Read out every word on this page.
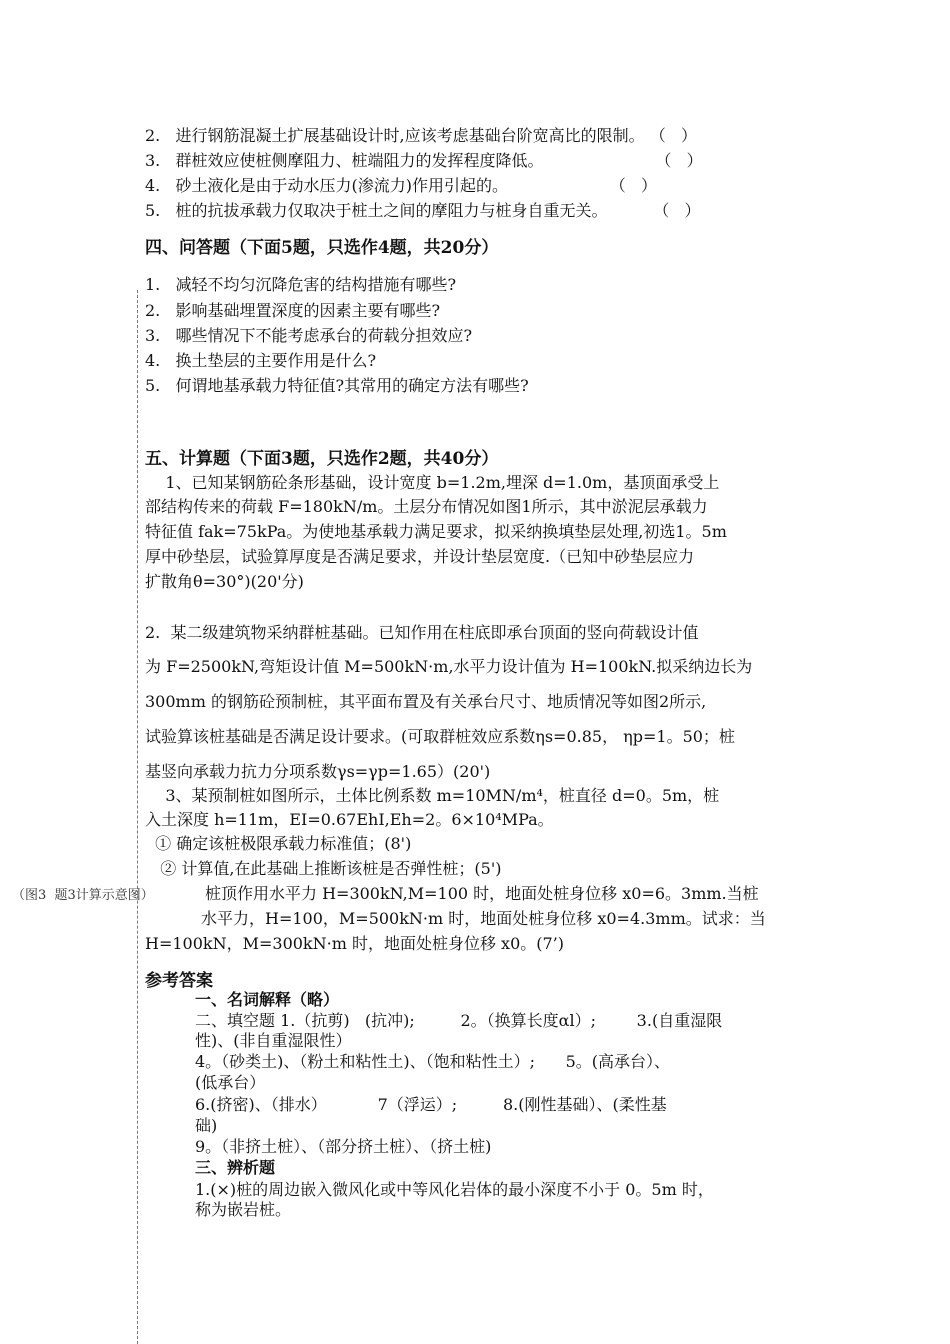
2.   进行钢筋混凝土扩展基础设计时,应该考虑基础台阶宽高比的限制。 （   ）
3.   群桩效应使桩侧摩阻力、桩端阻力的发挥程度降低。                      （   ）
4.   砂土液化是由于动水压力(渗流力)作用引起的。                    （   ）
5.   桩的抗拔承载力仅取决于桩土之间的摩阻力与桩身自重无关。         （   ）
四、问答题（下面5题，只选作4题，共20分）
1.   减轻不均匀沉降危害的结构措施有哪些?
2.   影响基础埋置深度的因素主要有哪些?
3.   哪些情况下不能考虑承台的荷载分担效应?
4.   换土垫层的主要作用是什么?
5.   何谓地基承载力特征值?其常用的确定方法有哪些?
五、计算题（下面3题，只选作2题，共40分）
1、已知某钢筋砼条形基础，设计宽度 b=1.2m,埋深 d=1.0m，基顶面承受上
部结构传来的荷载 F=180kN/m。土层分布情况如图1所示，其中淤泥层承载力
特征值 fak=75kPa。为使地基承载力满足要求，拟采纳换填垫层处理,初选1。5m
厚中砂垫层，试验算厚度是否满足要求，并设计垫层宽度.（已知中砂垫层应力
扩散角θ=30°)(20'分)
2.  某二级建筑物采纳群桩基础。已知作用在柱底即承台顶面的竖向荷载设计值
为 F=2500kN,弯矩设计值 M=500kN·m,水平力设计值为 H=100kN.拟采纳边长为
300mm 的钢筋砼预制桩，其平面布置及有关承台尺寸、地质情况等如图2所示,
试验算该桩基础是否满足设计要求。(可取群桩效应系数ηs=0.85， ηp=1。50；桩
基竖向承载力抗力分项系数γs=γp=1.65）(20')
3、某预制桩如图所示，土体比例系数 m=10MN/m⁴，桩直径 d=0。5m，桩
入土深度 h=11m，EI=0.67EhI,Eh=2。6×10⁴MPa。
① 确定该桩极限承载力标准值；(8')
② 计算值,在此基础上推断该桩是否弹性桩；(5')
（图3  题3计算示意图）	桩顶作用水平力 H=300kN,M=100 时，地面处桩身位移 x0=6。3mm.当桩
水平力，H=100，M=500kN·m 时，地面处桩身位移 x0=4.3mm。试求：当
H=100kN，M=300kN·m 时，地面处桩身位移 x0。(7’)
参考答案
一、名词解释（略）
二、填空题 1.（抗剪)   (抗冲);         2。（换算长度αl）;        3.(自重湿限
性)、(非自重湿限性）
4。（砂类土)、（粉土和粘性土)、（饱和粘性土）;      5。(高承台）、
(低承台）
6.(挤密)、（排水）          7（浮运）;         8.(刚性基础）、(柔性基
础)
9。（非挤土桩）、（部分挤土桩）、（挤土桩)
三、辨析题
1.(×)桩的周边嵌入微风化或中等风化岩体的最小深度不小于 0。5m 时，
称为嵌岩桩。
